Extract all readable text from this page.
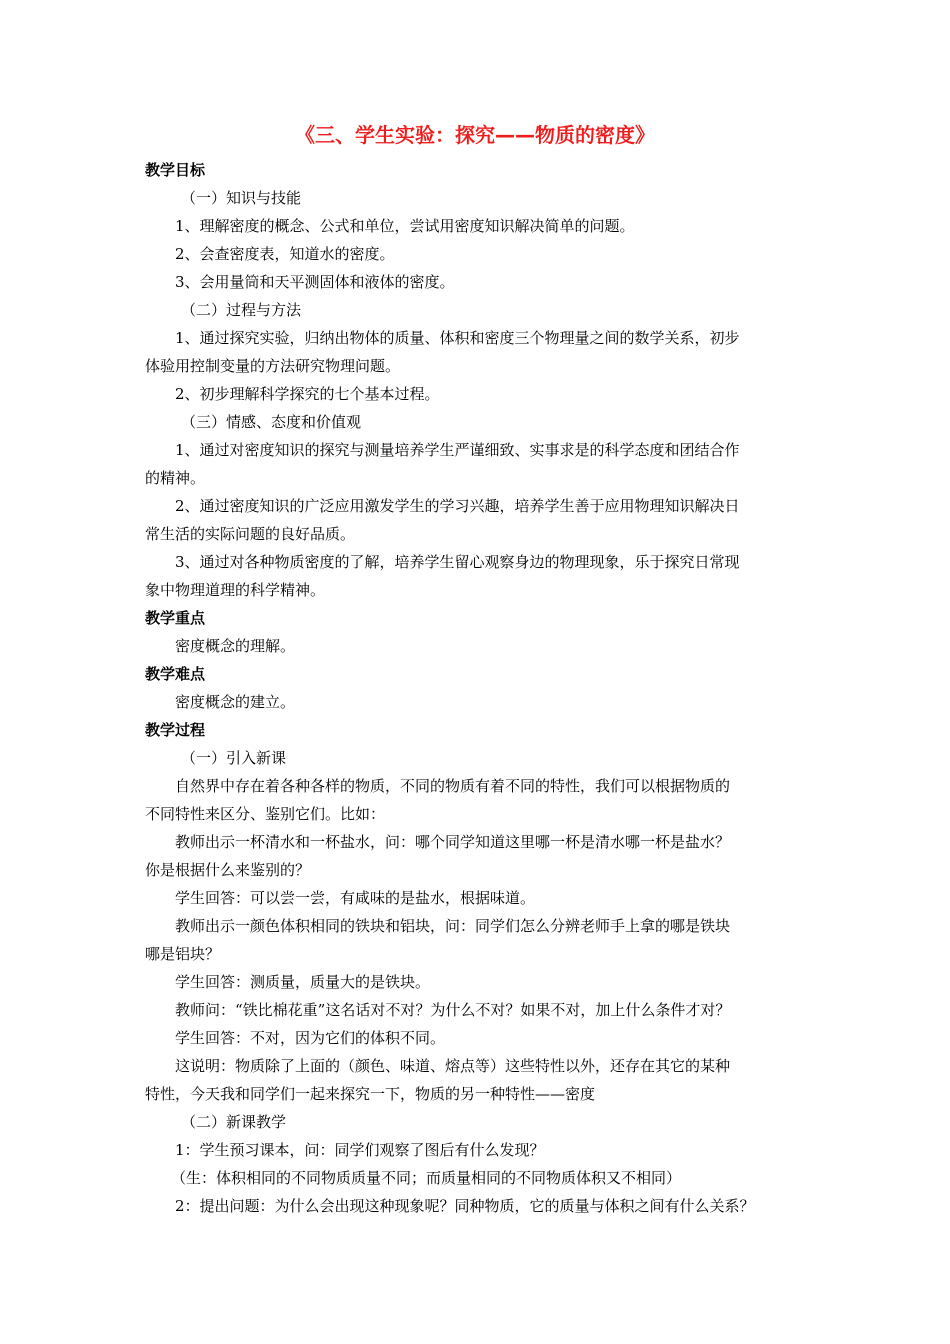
《三、学生实验：探究——物质的密度》
教学目标
（一）知识与技能
1、理解密度的概念、公式和单位，尝试用密度知识解决简单的问题。
2、会查密度表，知道水的密度。
3、会用量筒和天平测固体和液体的密度。
（二）过程与方法
1、通过探究实验，归纳出物体的质量、体积和密度三个物理量之间的数学关系，初步
体验用控制变量的方法研究物理问题。
2、初步理解科学探究的七个基本过程。
（三）情感、态度和价值观
1、通过对密度知识的探究与测量培养学生严谨细致、实事求是的科学态度和团结合作
的精神。
2、通过密度知识的广泛应用激发学生的学习兴趣，培养学生善于应用物理知识解决日
常生活的实际问题的良好品质。
3、通过对各种物质密度的了解，培养学生留心观察身边的物理现象，乐于探究日常现
象中物理道理的科学精神。
教学重点
密度概念的理解。
教学难点
密度概念的建立。
教学过程
（一）引入新课
自然界中存在着各种各样的物质，不同的物质有着不同的特性，我们可以根据物质的
不同特性来区分、鉴别它们。比如：
教师出示一杯清水和一杯盐水，问：哪个同学知道这里哪一杯是清水哪一杯是盐水？
你是根据什么来鉴别的？
学生回答：可以尝一尝，有咸味的是盐水，根据味道。
教师出示一颜色体积相同的铁块和铝块，问：同学们怎么分辨老师手上拿的哪是铁块
哪是铝块？
学生回答：测质量，质量大的是铁块。
教师问：“铁比棉花重”这名话对不对？为什么不对？如果不对，加上什么条件才对？
学生回答：不对，因为它们的体积不同。
这说明：物质除了上面的（颜色、味道、熔点等）这些特性以外，还存在其它的某种
特性，今天我和同学们一起来探究一下，物质的另一种特性——密度
（二）新课教学
1：学生预习课本，问：同学们观察了图后有什么发现？
（生：体积相同的不同物质质量不同；而质量相同的不同物质体积又不相同）
2：提出问题：为什么会出现这种现象呢？同种物质，它的质量与体积之间有什么关系？
